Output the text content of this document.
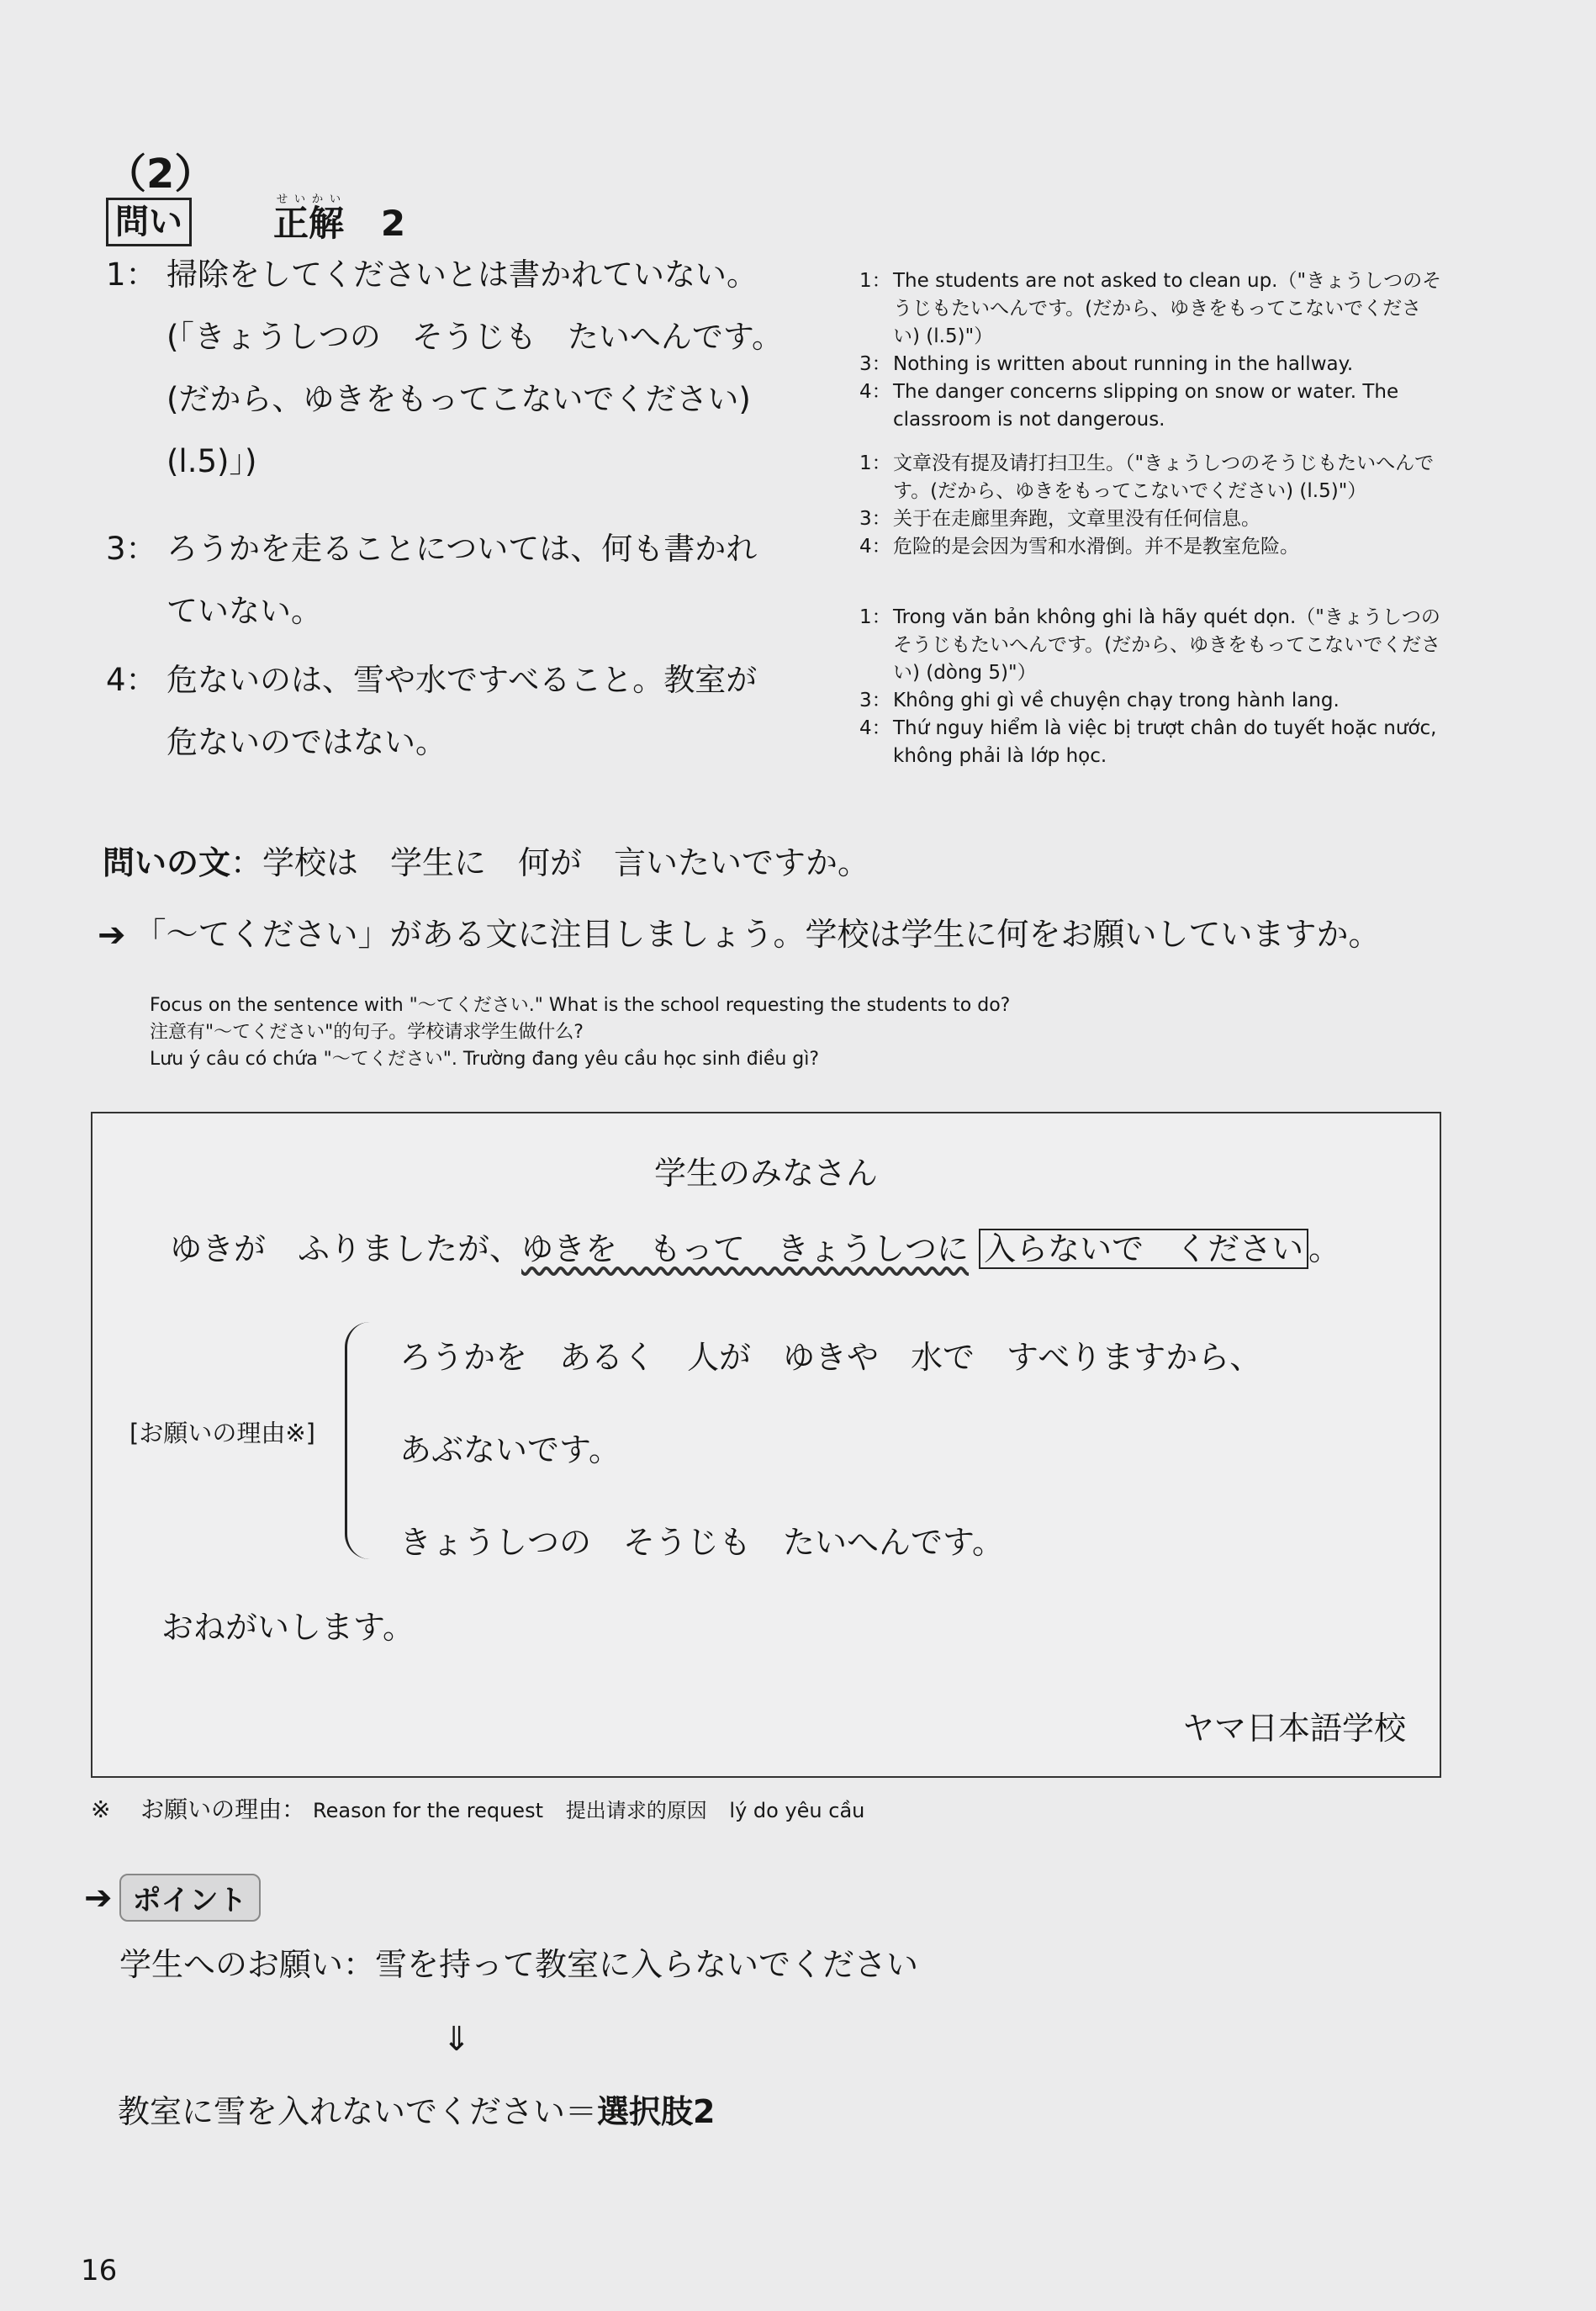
（2）
問い	正解せいかい   2
1： 掃除をしてくださいとは書かれていない。
(「きょうしつの　そうじも　たいへんです。
(だから、ゆきをもってこないでください)
(l.5)」)
3： ろうかを走ることについては、何も書かれ
ていない。
4： 危ないのは、雪や水ですべること。教室が
危ないのではない。
1： The students are not asked to clean up.（"きょうしつのそうじもたいへんです。(だから、ゆきをもってこないでください) (l.5)"）
3： Nothing is written about running in the hallway.
4： The danger concerns slipping on snow or water. The classroom is not dangerous.
1： 文章没有提及请打扫卫生。（"きょうしつのそうじもたいへんです。(だから、ゆきをもってこないでください) (l.5)"）
3： 关于在走廊里奔跑，文章里没有任何信息。
4： 危险的是会因为雪和水滑倒。并不是教室危险。
1： Trong văn bản không ghi là hãy quét dọn.（"きょうしつのそうじもたいへんです。(だから、ゆきをもってこないでください) (dòng 5)"）
3： Không ghi gì về chuyện chạy trong hành lang.
4： Thứ nguy hiểm là việc bị trượt chân do tuyết hoặc nước, không phải là lớp học.
問いの文：学校は　学生に　何が　言いたいですか。
➔ 「～てください」がある文に注目しましょう。学校は学生に何をお願いしていますか。
Focus on the sentence with "～てください." What is the school requesting the students to do?
注意有"～てください"的句子。学校请求学生做什么?
Lưu ý câu có chứa "～てください". Trường đang yêu cầu học sinh điều gì?
学生のみなさん
ゆきが　ふりましたが、ゆきを　もって　きょうしつに 入らないで　ください 。
[お願いの理由※]
ろうかを　あるく　人が　ゆきや　水で　すべりますから、
あぶないです。
きょうしつの　そうじも　たいへんです。
おねがいします。
ヤマ日本語学校
※ お願いの理由： Reason for the request 提出请求的原因 lý do yêu cầu
➔ ポイント
学生へのお願い：雪を持って教室に入らないでください
⇓
教室に雪を入れないでください＝選択肢2
16
